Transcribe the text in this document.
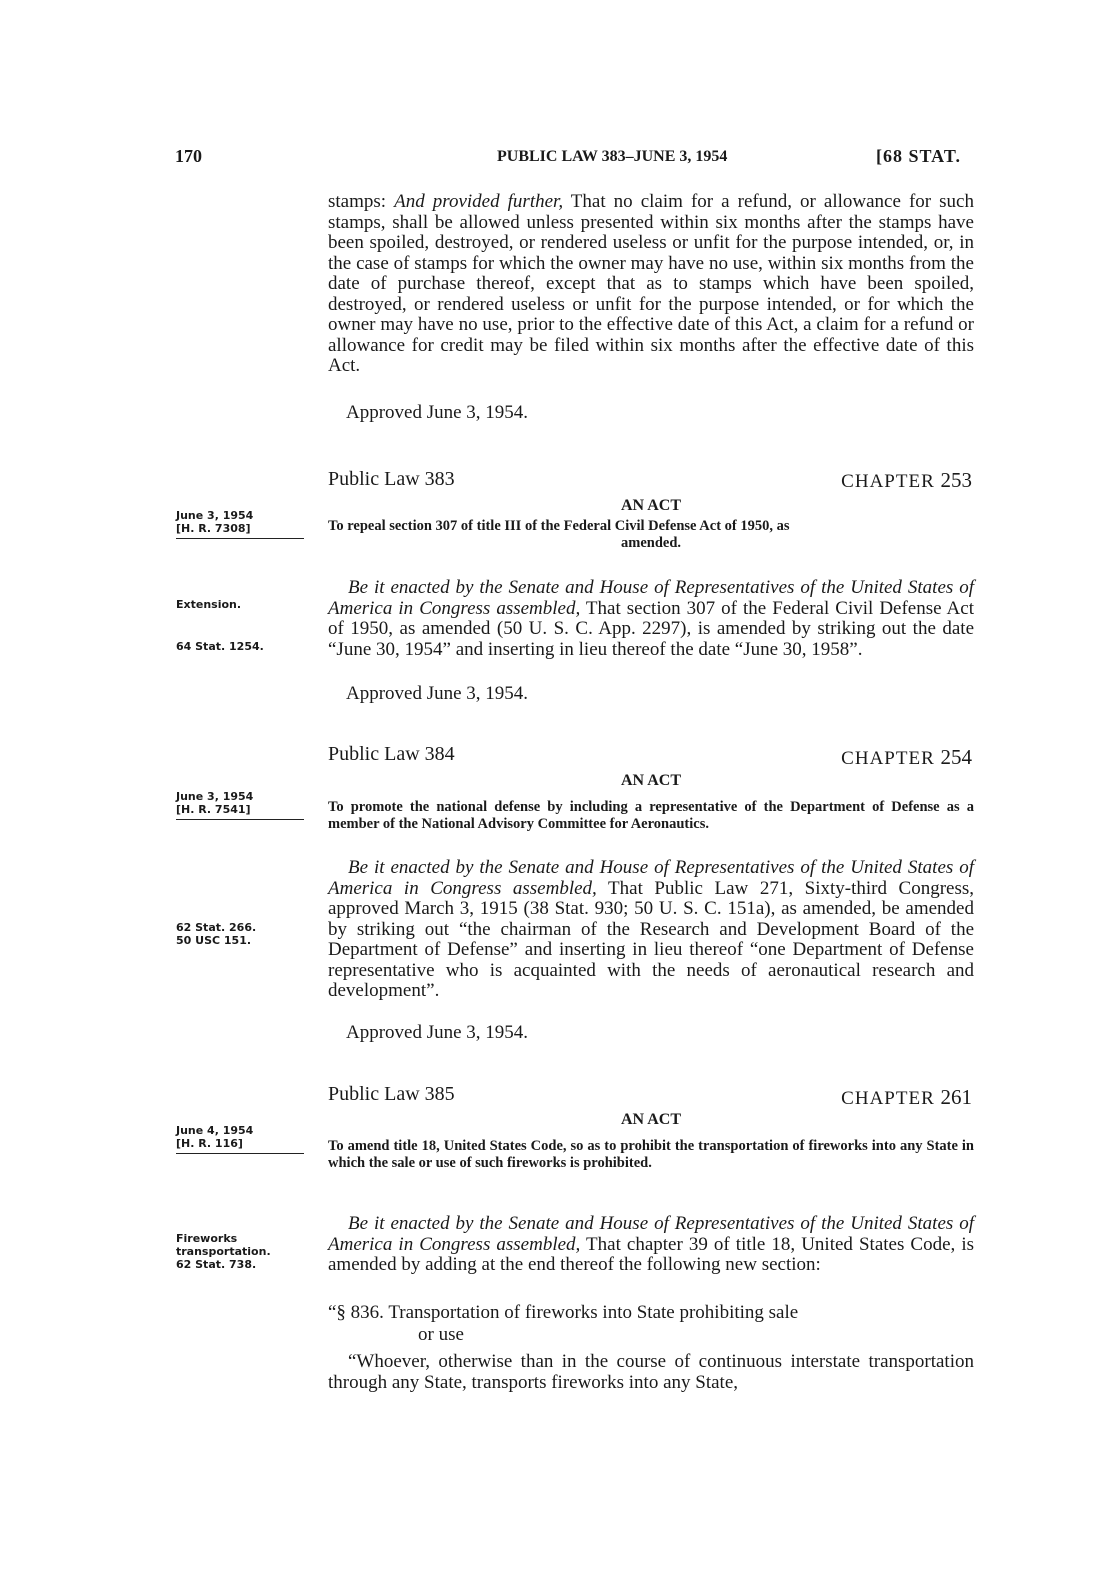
170	PUBLIC LAW 383–JUNE 3, 1954	[68 STAT.

stamps: And provided further, That no claim for a refund, or allowance for such stamps, shall be allowed unless presented within six months after the stamps have been spoiled, destroyed, or rendered useless or unfit for the purpose intended, or, in the case of stamps for which the owner may have no use, within six months from the date of purchase thereof, except that as to stamps which have been spoiled, destroyed, or rendered useless or unfit for the purpose intended, or for which the owner may have no use, prior to the effective date of this Act, a claim for a refund or allowance for credit may be filed within six months after the effective date of this Act.

Approved June 3, 1954.
Public Law 383	CHAPTER 253
AN ACT
To repeal section 307 of title III of the Federal Civil Defense Act of 1950, as
amended.
June 3, 1954
[H. R. 7308]
Extension.
64 Stat. 1254.

Be it enacted by the Senate and House of Representatives of the United States of America in Congress assembled, That section 307 of the Federal Civil Defense Act of 1950, as amended (50 U. S. C. App. 2297), is amended by striking out the date “June 30, 1954” and inserting in lieu thereof the date “June 30, 1958”.

Approved June 3, 1954.
Public Law 384	CHAPTER 254
AN ACT
To promote the national defense by including a representative of the Department of Defense as a member of the National Advisory Committee for Aeronautics.
June 3, 1954
[H. R. 7541]
62 Stat. 266.
50 USC 151.

Be it enacted by the Senate and House of Representatives of the United States of America in Congress assembled, That Public Law 271, Sixty-third Congress, approved March 3, 1915 (38 Stat. 930; 50 U. S. C. 151a), as amended, be amended by striking out “the chairman of the Research and Development Board of the Department of Defense” and inserting in lieu thereof “one Department of Defense representative who is acquainted with the needs of aeronautical research and development”.

Approved June 3, 1954.
Public Law 385	CHAPTER 261
AN ACT
To amend title 18, United States Code, so as to prohibit the transportation of fireworks into any State in which the sale or use of such fireworks is prohibited.
June 4, 1954
[H. R. 116]
Fireworks transportation.
62 Stat. 738.

Be it enacted by the Senate and House of Representatives of the United States of America in Congress assembled, That chapter 39 of title 18, United States Code, is amended by adding at the end thereof the following new section:

“§ 836. Transportation of fireworks into State prohibiting sale
or use
“Whoever, otherwise than in the course of continuous interstate transportation through any State, transports fireworks into any State,
